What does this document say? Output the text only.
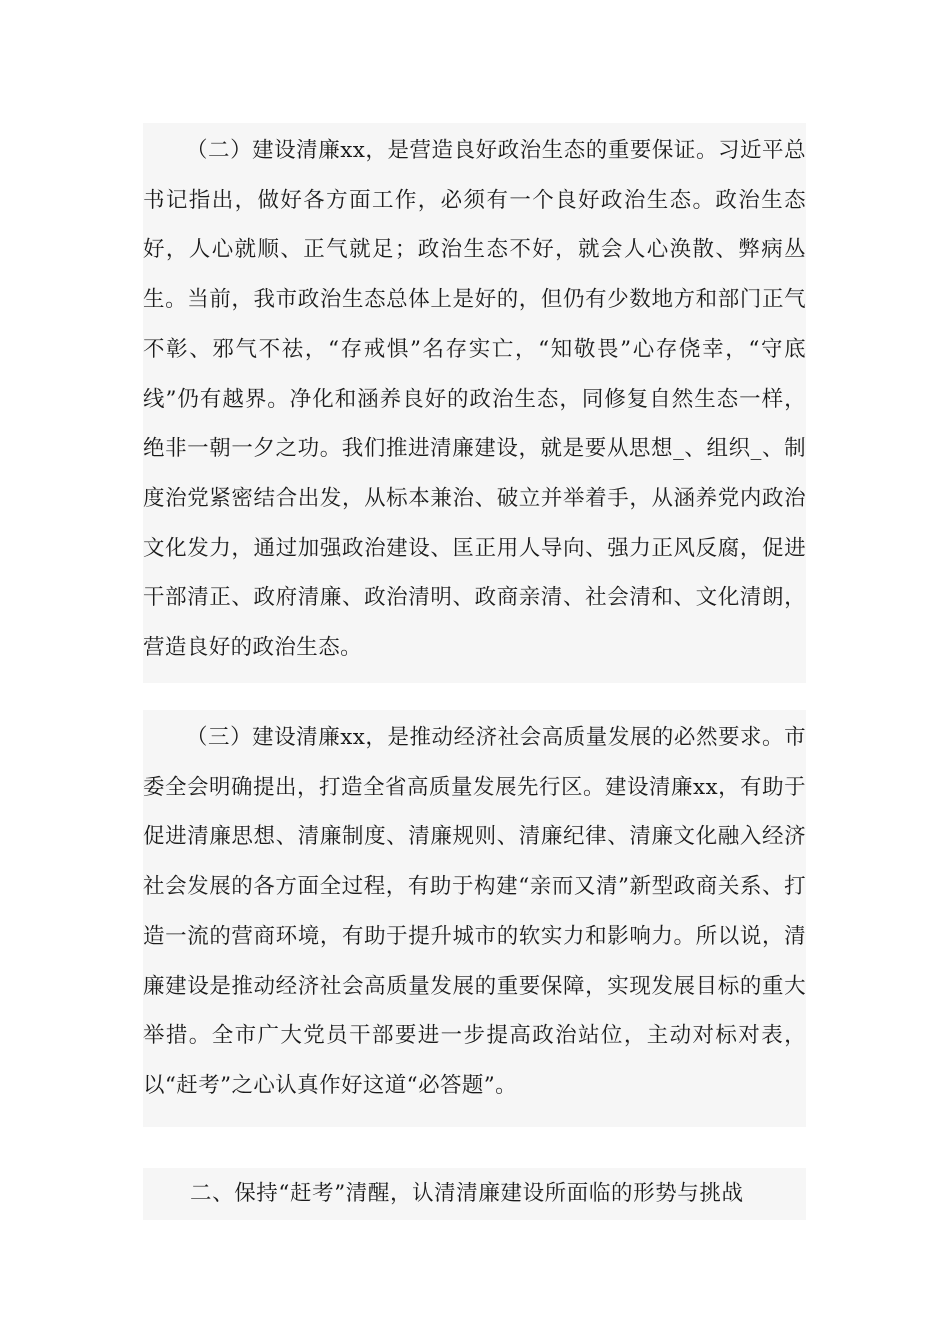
（二）建设清廉xx，是营造良好政治生态的重要保证。习近平总书记指出，做好各方面工作，必须有一个良好政治生态。政治生态好，人心就顺、正气就足；政治生态不好，就会人心涣散、弊病丛生。当前，我市政治生态总体上是好的，但仍有少数地方和部门正气不彰、邪气不祛，“存戒惧”名存实亡，“知敬畏”心存侥幸，“守底线”仍有越界。净化和涵养良好的政治生态，同修复自然生态一样，绝非一朝一夕之功。我们推进清廉建设，就是要从思想_、组织_、制度治党紧密结合出发，从标本兼治、破立并举着手，从涵养党内政治文化发力，通过加强政治建设、匡正用人导向、强力正风反腐，促进干部清正、政府清廉、政治清明、政商亲清、社会清和、文化清朗，营造良好的政治生态。

（三）建设清廉xx，是推动经济社会高质量发展的必然要求。市委全会明确提出，打造全省高质量发展先行区。建设清廉xx，有助于促进清廉思想、清廉制度、清廉规则、清廉纪律、清廉文化融入经济社会发展的各方面全过程，有助于构建“亲而又清”新型政商关系、打造一流的营商环境，有助于提升城市的软实力和影响力。所以说，清廉建设是推动经济社会高质量发展的重要保障，实现发展目标的重大举措。全市广大党员干部要进一步提高政治站位，主动对标对表，以“赶考”之心认真作好这道“必答题”。

二、保持“赶考”清醒，认清清廉建设所面临的形势与挑战
